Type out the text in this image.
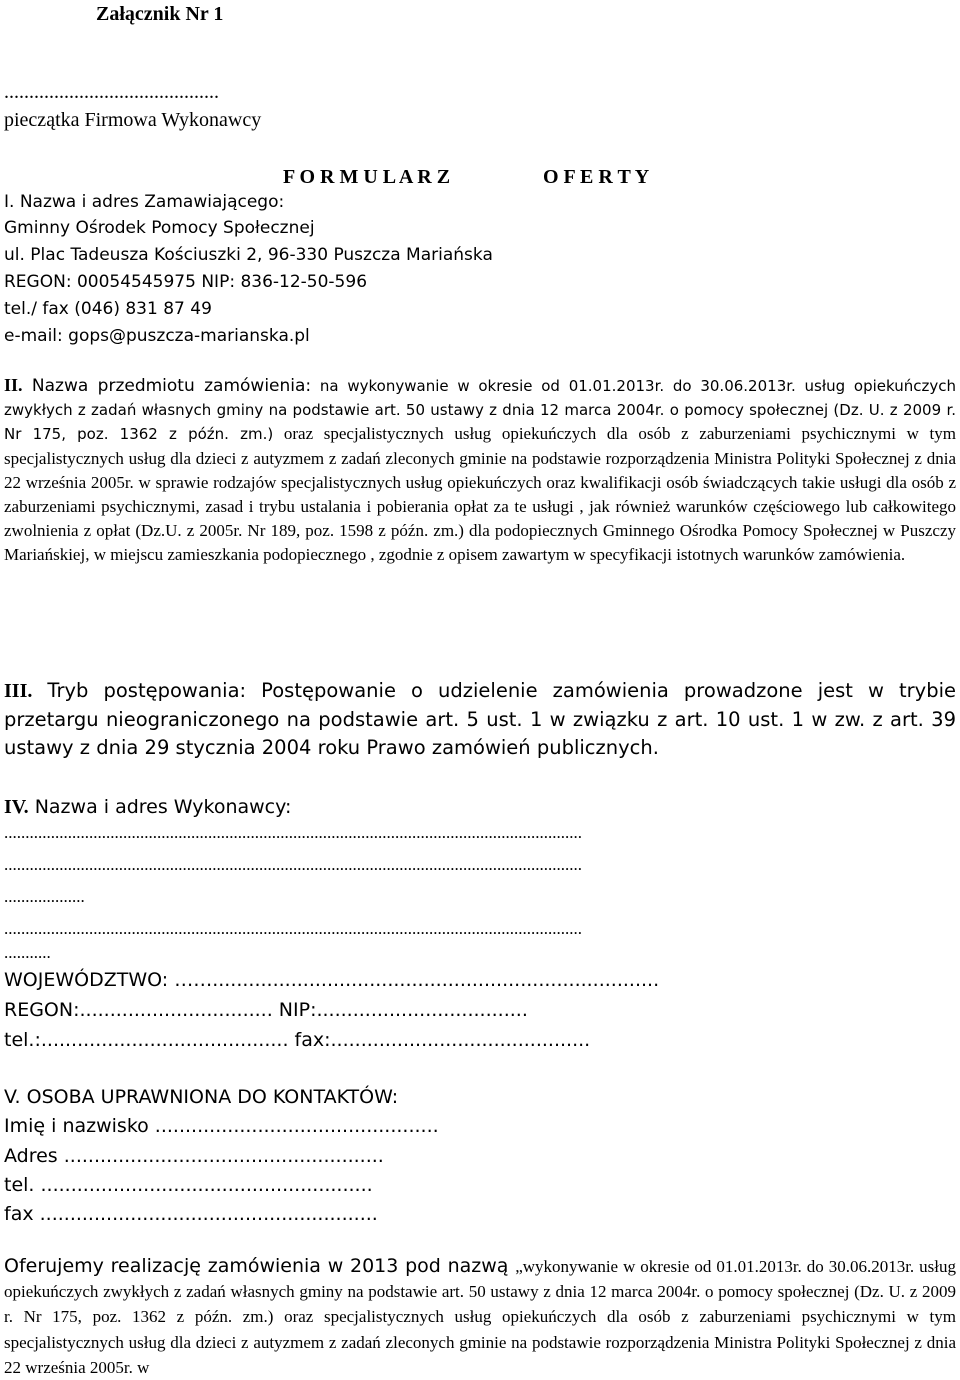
Załącznik Nr 1
...........................................
pieczątka Firmowa Wykonawcy
F O R M U L A R Z	O F E R T Y
I. Nazwa i adres Zamawiającego:
Gminny Ośrodek Pomocy Społecznej
ul. Plac Tadeusza Kościuszki 2, 96-330 Puszcza Mariańska
REGON: 00054545975 NIP: 836-12-50-596
tel./ fax (046) 831 87 49
e-mail: gops@puszcza-marianska.pl
II. Nazwa przedmiotu zamówienia: na wykonywanie w okresie od 01.01.2013r. do 30.06.2013r. usług opiekuńczych zwykłych z zadań własnych gminy na podstawie art. 50 ustawy z dnia 12 marca 2004r. o pomocy społecznej (Dz. U. z 2009 r. Nr 175, poz. 1362 z późn. zm.) oraz specjalistycznych usług opiekuńczych dla osób z zaburzeniami psychicznymi w tym specjalistycznych usług dla dzieci z autyzmem z zadań zleconych gminie na podstawie rozporządzenia Ministra Polityki Społecznej z dnia 22 września 2005r. w sprawie rodzajów specjalistycznych usług opiekuńczych oraz kwalifikacji osób świadczących takie usługi dla osób z zaburzeniami psychicznymi, zasad i trybu ustalania i pobierania opłat za te usługi , jak również warunków częściowego lub całkowitego zwolnienia z opłat (Dz.U. z 2005r. Nr 189, poz. 1598 z późn. zm.) dla podopiecznych Gminnego Ośrodka Pomocy Społecznej w Puszczy Mariańskiej, w miejscu zamieszkania podopiecznego , zgodnie z opisem zawartym w specyfikacji istotnych warunków zamówienia.
III. Tryb postępowania: Postępowanie o udzielenie zamówienia prowadzone jest w trybie przetargu nieograniczonego na podstawie art. 5 ust. 1 w związku z art. 10 ust. 1 w zw. z art. 39 ustawy z dnia 29 stycznia 2004 roku Prawo zamówień publicznych.
IV. Nazwa i adres Wykonawcy:
........................................................................................................................................
........................................................................................................................................
...................
........................................................................................................................................
...........
WOJEWÓDZTWO: ……..........................................................................
REGON:................................ NIP:...................................
tel.:......................................... fax:...........................................
V. OSOBA UPRAWNIONA DO KONTAKTÓW:
Imię i nazwisko ...............................................
Adres .....................................................
tel. .......................................................
fax ........................................................
Oferujemy realizację zamówienia w 2013 pod nazwą „wykonywanie w okresie od 01.01.2013r. do 30.06.2013r. usług opiekuńczych zwykłych z zadań własnych gminy na podstawie art. 50 ustawy z dnia 12 marca 2004r. o pomocy społecznej (Dz. U. z 2009 r. Nr 175, poz. 1362 z późn. zm.) oraz specjalistycznych usług opiekuńczych dla osób z zaburzeniami psychicznymi w tym specjalistycznych usług dla dzieci z autyzmem z zadań zleconych gminie na podstawie rozporządzenia Ministra Polityki Społecznej z dnia 22 września 2005r. w
